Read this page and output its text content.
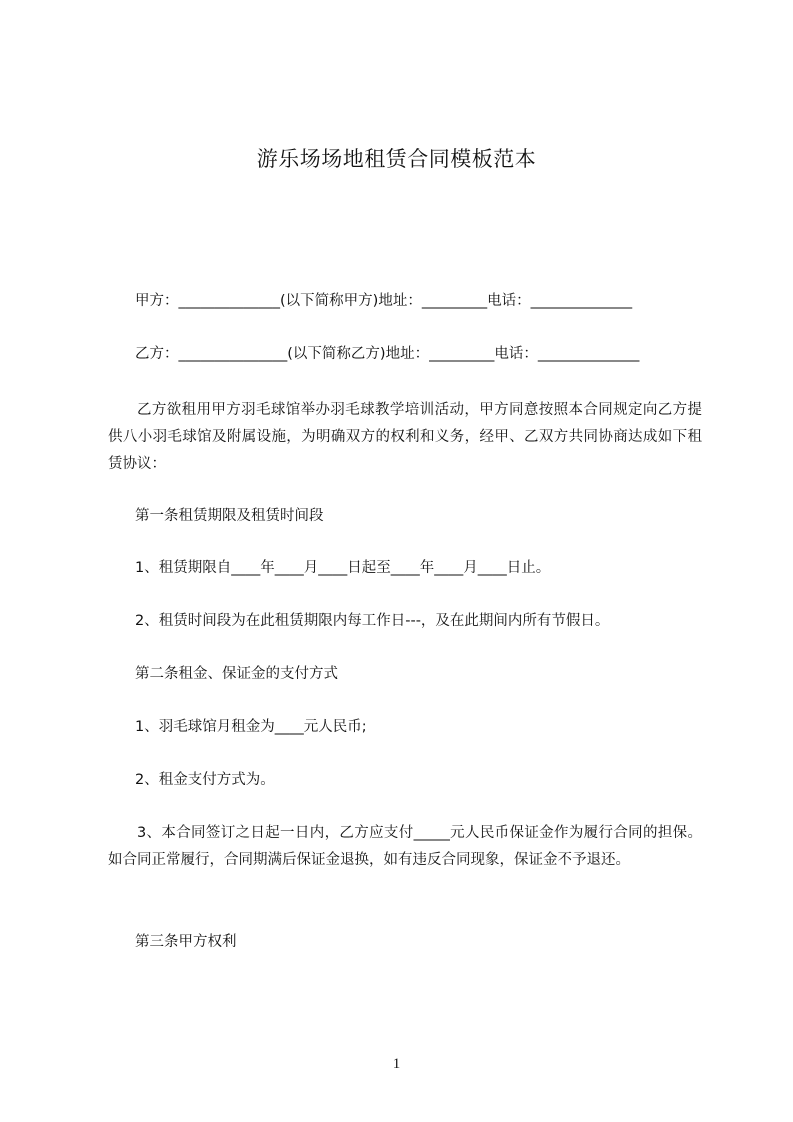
游乐场场地租赁合同模板范本
甲方：______________(以下简称甲方)地址：_________电话：______________
乙方：_______________(以下简称乙方)地址：_________电话：______________
乙方欲租用甲方羽毛球馆举办羽毛球教学培训活动，甲方同意按照本合同规定向乙方提供八小羽毛球馆及附属设施，为明确双方的权利和义务，经甲、乙双方共同协商达成如下租赁协议：
第一条租赁期限及租赁时间段
1、租赁期限自____年____月____日起至____年____月____日止。
2、租赁时间段为在此租赁期限内每工作日---，及在此期间内所有节假日。
第二条租金、保证金的支付方式
1、羽毛球馆月租金为____元人民币;
2、租金支付方式为。
3、本合同签订之日起一日内，乙方应支付_____元人民币保证金作为履行合同的担保。如合同正常履行，合同期满后保证金退换，如有违反合同现象，保证金不予退还。
第三条甲方权利
1
